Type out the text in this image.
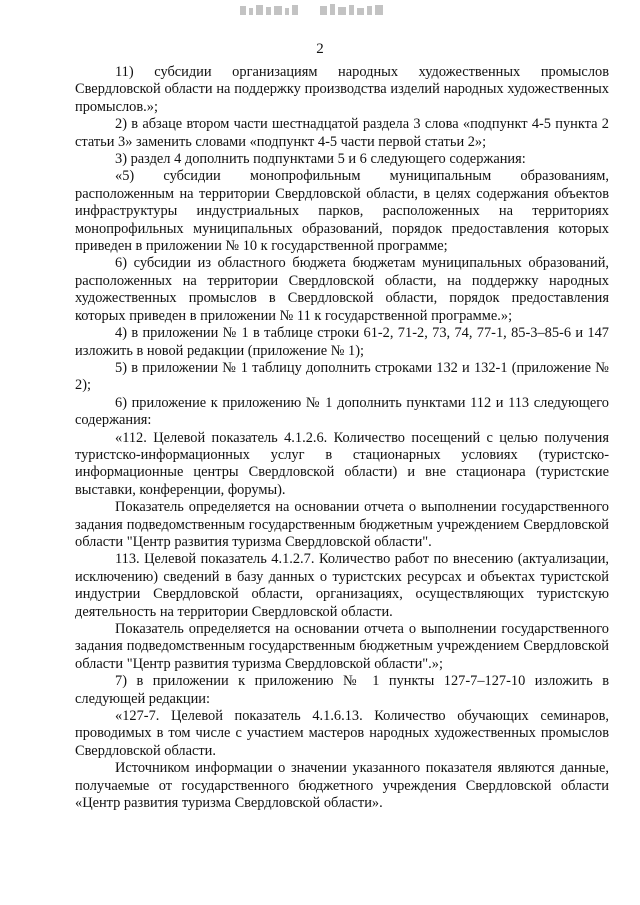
2

11) субсидии организациям народных художественных промыслов Свердловской области на поддержку производства изделий народных художественных промыслов.»;

2) в абзаце втором части шестнадцатой раздела 3 слова «подпункт 4-5 пункта 2 статьи 3» заменить словами «подпункт 4-5 части первой статьи 2»;

3) раздел 4 дополнить подпунктами 5 и 6 следующего содержания:

«5) субсидии монопрофильным муниципальным образованиям, расположенным на территории Свердловской области, в целях содержания объектов инфраструктуры индустриальных парков, расположенных на территориях монопрофильных муниципальных образований, порядок предоставления которых приведен в приложении № 10 к государственной программе;

6) субсидии из областного бюджета бюджетам муниципальных образований, расположенных на территории Свердловской области, на поддержку народных художественных промыслов в Свердловской области, порядок предоставления которых приведен в приложении № 11 к государственной программе.»;

4) в приложении № 1 в таблице строки 61-2, 71-2, 73, 74, 77-1, 85-3–85-6 и 147 изложить в новой редакции (приложение № 1);

5) в приложении № 1 таблицу дополнить строками 132 и 132-1 (приложение № 2);

6) приложение к приложению № 1 дополнить пунктами 112 и 113 следующего содержания:

«112. Целевой показатель 4.1.2.6. Количество посещений с целью получения туристско-информационных услуг в стационарных условиях (туристско-информационные центры Свердловской области) и вне стационара (туристские выставки, конференции, форумы).

Показатель определяется на основании отчета о выполнении государственного задания подведомственным государственным бюджетным учреждением Свердловской области "Центр развития туризма Свердловской области".

113. Целевой показатель 4.1.2.7. Количество работ по внесению (актуализации, исключению) сведений в базу данных о туристских ресурсах и объектах туристской индустрии Свердловской области, организациях, осуществляющих туристскую деятельность на территории Свердловской области.

Показатель определяется на основании отчета о выполнении государственного задания подведомственным государственным бюджетным учреждением Свердловской области "Центр развития туризма Свердловской области".»;

7) в приложении к приложению № 1 пункты 127-7–127-10 изложить в следующей редакции:

«127-7. Целевой показатель 4.1.6.13. Количество обучающих семинаров, проводимых в том числе с участием мастеров народных художественных промыслов Свердловской области.

Источником информации о значении указанного показателя являются данные, получаемые от государственного бюджетного учреждения Свердловской области «Центр развития туризма Свердловской области».
